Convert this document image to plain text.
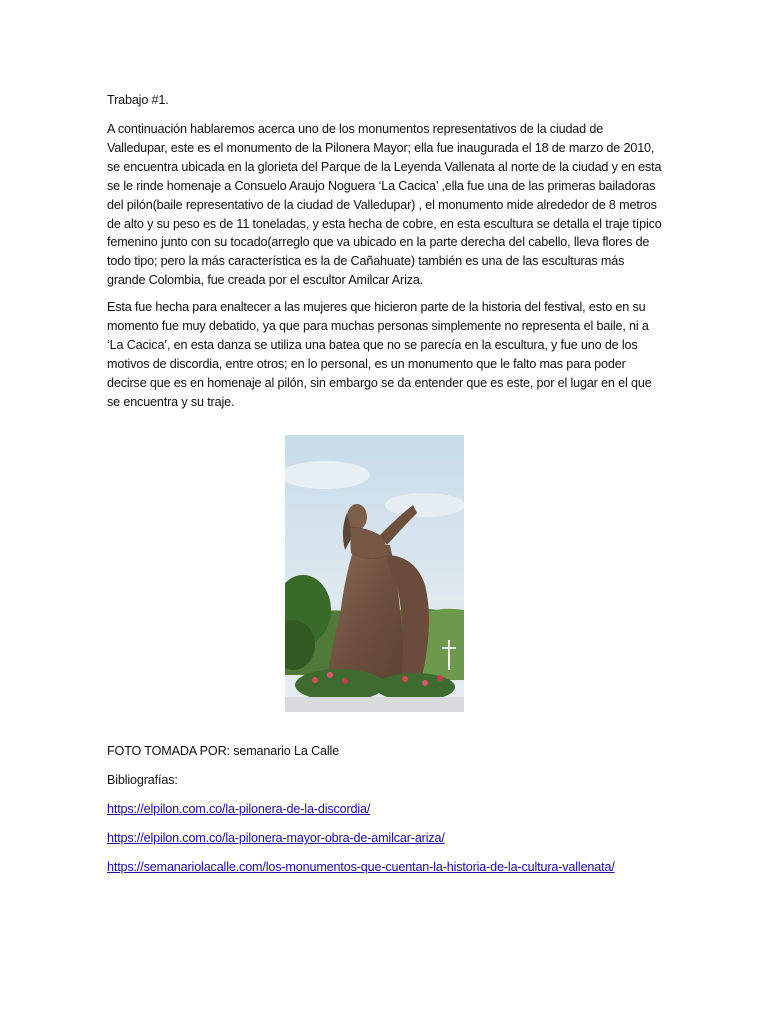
Trabajo #1.

A continuación hablaremos acerca uno de los monumentos representativos de la ciudad de Valledupar, este es el monumento de la Pilonera Mayor; ella fue inaugurada el 18 de marzo de 2010, se encuentra ubicada en la glorieta del Parque de la Leyenda Vallenata al norte de la ciudad y en esta se le rinde homenaje a Consuelo Araujo Noguera ‘La Cacica’ ,ella fue una de las primeras bailadoras del pilón(baile representativo de la ciudad de Valledupar) , el monumento mide alrededor de 8 metros de alto y su peso es de 11 toneladas, y esta hecha de cobre, en esta escultura se detalla el traje típico femenino junto con su tocado(arreglo que va ubicado en la parte derecha del cabello, lleva flores de todo tipo; pero la más característica es la de Cañahuate) también es una de las esculturas más grande Colombia, fue creada por el escultor Amilcar Ariza.

Esta fue hecha para enaltecer a las mujeres que hicieron parte de la historia del festival, esto en su momento fue muy debatido, ya que para muchas personas simplemente no representa el baile, ni a ‘La Cacica’, en esta danza se utiliza una batea que no se parecía en la escultura, y fue uno de los motivos de discordia, entre otros; en lo personal, es un monumento que le falto mas para poder decirse que es en homenaje al pilón, sin embargo se da entender que es este, por el lugar en el que se encuentra y su traje.

FOTO TOMADA POR: semanario La Calle

Bibliografías:

https://elpilon.com.co/la-pilonera-de-la-discordia/
https://elpilon.com.co/la-pilonera-mayor-obra-de-amilcar-ariza/
https://semanariolacalle.com/los-monumentos-que-cuentan-la-historia-de-la-cultura-vallenata/
